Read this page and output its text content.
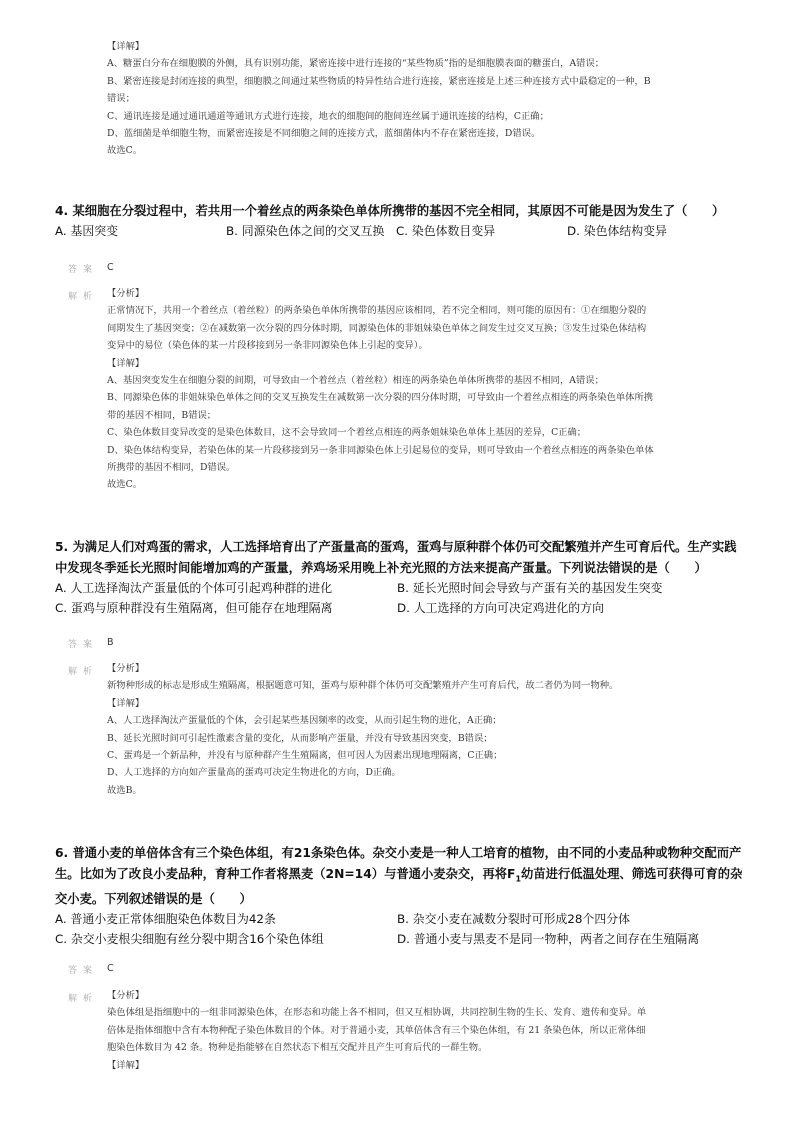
【详解】

A、糖蛋白分布在细胞膜的外侧，具有识别功能，紧密连接中进行连接的“某些物质”指的是细胞膜表面的糖蛋白，A错误；

B、紧密连接是封闭连接的典型，细胞膜之间通过某些物质的特异性结合进行连接，紧密连接是上述三种连接方式中最稳定的一种，B

错误；

C、通讯连接是通过通讯通道等通讯方式进行连接，地衣的细胞间的胞间连丝属于通讯连接的结构，C正确；

D、蓝细菌是单细胞生物，而紧密连接是不同细胞之间的连接方式，蓝细菌体内不存在紧密连接，D错误。

故选C。

4. 某细胞在分裂过程中，若共用一个着丝点的两条染色单体所携带的基因不完全相同，其原因不可能是因为发生了（　　）

A. 基因突变	B. 同源染色体之间的交叉互换 C. 染色体数目变异	D. 染色体结构变异
答案 C
解析 【分析】

正常情况下，共用一个着丝点（着丝粒）的两条染色单体所携带的基因应该相同，若不完全相同，则可能的原因有：①在细胞分裂的

间期发生了基因突变；②在减数第一次分裂的四分体时期，同源染色体的非姐妹染色单体之间发生过交叉互换；③发生过染色体结构

变异中的易位（染色体的某一片段移接到另一条非同源染色体上引起的变异）。

【详解】

A、基因突变发生在细胞分裂的间期，可导致由一个着丝点（着丝粒）相连的两条染色单体所携带的基因不相同，A错误；

B、同源染色体的非姐妹染色单体之间的交叉互换发生在减数第一次分裂的四分体时期，可导致由一个着丝点相连的两条染色单体所携

带的基因不相同，B错误；

C、染色体数目变异改变的是染色体数目，这不会导致同一个着丝点相连的两条姐妹染色单体上基因的差异，C正确；

D、染色体结构变异，若染色体的某一片段移接到另一条非同源染色体上引起易位的变异，则可导致由一个着丝点相连的两条染色单体

所携带的基因不相同，D错误。

故选C。

5. 为满足人们对鸡蛋的需求，人工选择培育出了产蛋量高的蛋鸡，蛋鸡与原种群个体仍可交配繁殖并产生可育后代。生产实践中发现冬季延长光照时间能增加鸡的产蛋量，养鸡场采用晚上补充光照的方法来提高产蛋量。下列说法错误的是（　　）

A. 人工选择淘汰产蛋量低的个体可引起鸡种群的进化	B. 延长光照时间会导致与产蛋有关的基因发生突变
C. 蛋鸡与原种群没有生殖隔离，但可能存在地理隔离	D. 人工选择的方向可决定鸡进化的方向
答案 B
解析 【分析】

新物种形成的标志是形成生殖隔离，根据题意可知，蛋鸡与原种群个体仍可交配繁殖并产生可育后代，故二者仍为同一物种。

【详解】

A、人工选择淘汰产蛋量低的个体，会引起某些基因频率的改变，从而引起生物的进化，A正确；

B、延长光照时间可引起性激素含量的变化，从而影响产蛋量，并没有导致基因突变，B错误；

C、蛋鸡是一个新品种，并没有与原种群产生生殖隔离，但可因人为因素出现地理隔离，C正确；

D、人工选择的方向如产蛋量高的蛋鸡可决定生物进化的方向，D正确。

故选B。

6. 普通小麦的单倍体含有三个染色体组，有21条染色体。杂交小麦是一种人工培育的植物，由不同的小麦品种或物种交配而产生。比如为了改良小麦品种，育种工作者将黑麦（2N=14）与普通小麦杂交，再将$F_1$幼苗进行低温处理、筛选可获得可育的杂交小麦。下列叙述错误的是（　　）

A. 普通小麦正常体细胞染色体数目为42条	B. 杂交小麦在减数分裂时可形成28个四分体
C. 杂交小麦根尖细胞有丝分裂中期含16个染色体组	D. 普通小麦与黑麦不是同一物种，两者之间存在生殖隔离
答案 C
解析 【分析】

染色体组是指细胞中的一组非同源染色体，在形态和功能上各不相同，但又互相协调，共同控制生物的生长、发育、遗传和变异。单

倍体是指体细胞中含有本物种配子染色体数目的个体。对于普通小麦，其单倍体含有三个染色体组，有 21 条染色体，所以正常体细

胞染色体数目为 42 条。物种是指能够在自然状态下相互交配并且产生可育后代的一群生物。

【详解】
